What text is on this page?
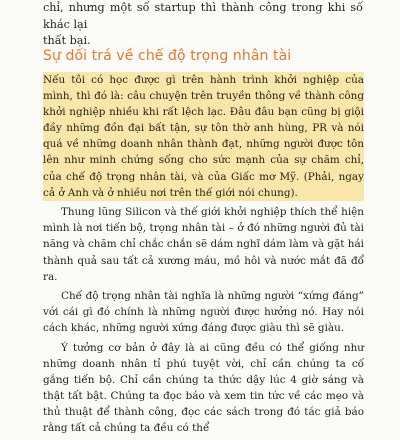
chỉ, nhưng một số startup thì thành công trong khi số khác lại
thất bại.
Sự dối trá về chế độ trọng nhân tài

Nếu tôi có học được gì trên hành trình khởi nghiệp của mình, thì đó là: câu chuyện trên truyền thông về thành công khởi nghiệp nhiều khi rất lệch lạc. Đâu đâu bạn cũng bị giội đầy những đồn đại bất tận, sự tôn thờ anh hùng, PR và nói quá về những doanh nhân thành đạt, những người được tôn lên như minh chứng sống cho sức mạnh của sự chăm chỉ, của chế độ trọng nhân tài, và của Giấc mơ Mỹ. (Phải, ngay cả ở Anh và ở nhiều nơi trên thế giới nói chung).

Thung lũng Silicon và thế giới khởi nghiệp thích thể hiện mình là nơi tiến bộ, trọng nhân tài – ở đó những người đủ tài năng và chăm chỉ chắc chắn sẽ dám nghĩ dám làm và gặt hái thành quả sau tất cả xương máu, mồ hôi và nước mắt đã đổ ra.

Chế độ trọng nhân tài nghĩa là những người “xứng đáng” với cái gì đó chính là những người được hưởng nó. Hay nói cách khác, những người xứng đáng được giàu thì sẽ giàu.

Ý tưởng cơ bản ở đây là ai cũng đều có thể giống như những doanh nhân tỉ phú tuyệt vời, chỉ cần chúng ta cố gắng tiến bộ. Chỉ cần chúng ta thức dậy lúc 4 giờ sáng và thật tất bật. Chúng ta đọc báo và xem tin tức về các mẹo và thủ thuật để thành công, đọc các sách trong đó tác giả báo rằng tất cả chúng ta đều có thể
